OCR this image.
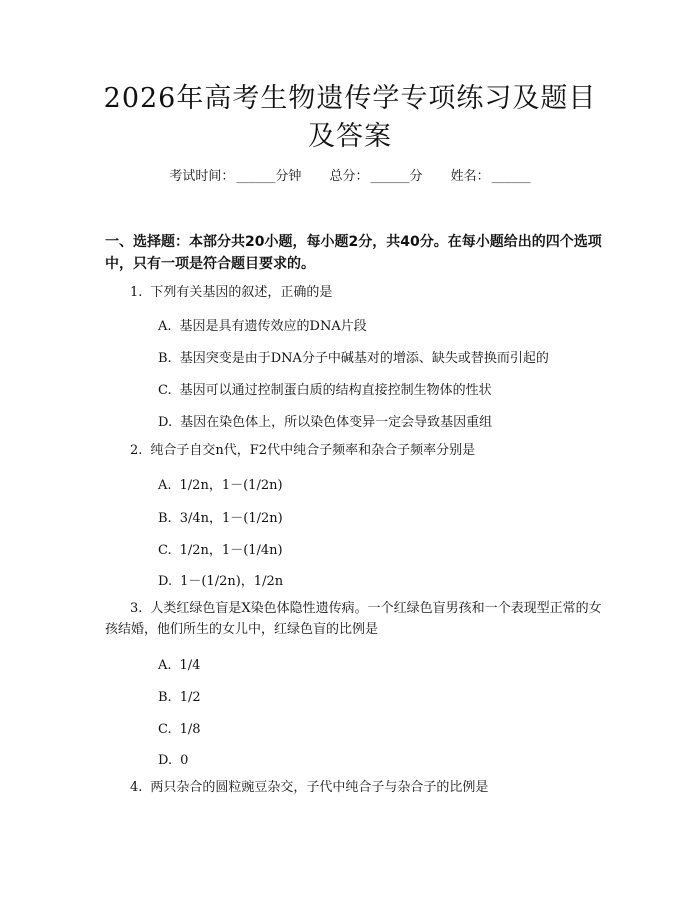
2026年高考生物遗传学专项练习及题目及答案
考试时间： ______分钟 总分： ______分 姓名： ______
一、选择题：本部分共20小题，每小题2分，共40分。在每小题给出的四个选项中，只有一项是符合题目要求的。
1. 下列有关基因的叙述，正确的是
A. 基因是具有遗传效应的DNA片段
B. 基因突变是由于DNA分子中碱基对的增添、缺失或替换而引起的
C. 基因可以通过控制蛋白质的结构直接控制生物体的性状
D. 基因在染色体上，所以染色体变异一定会导致基因重组
2. 纯合子自交n代，F2代中纯合子频率和杂合子频率分别是
A. 1/2n，1－(1/2n)
B. 3/4n，1－(1/2n)
C. 1/2n，1－(1/4n)
D. 1－(1/2n)，1/2n
3. 人类红绿色盲是X染色体隐性遗传病。一个红绿色盲男孩和一个表现型正常的女孩结婚，他们所生的女儿中，红绿色盲的比例是
A. 1/4
B. 1/2
C. 1/8
D. 0
4. 两只杂合的圆粒豌豆杂交，子代中纯合子与杂合子的比例是
